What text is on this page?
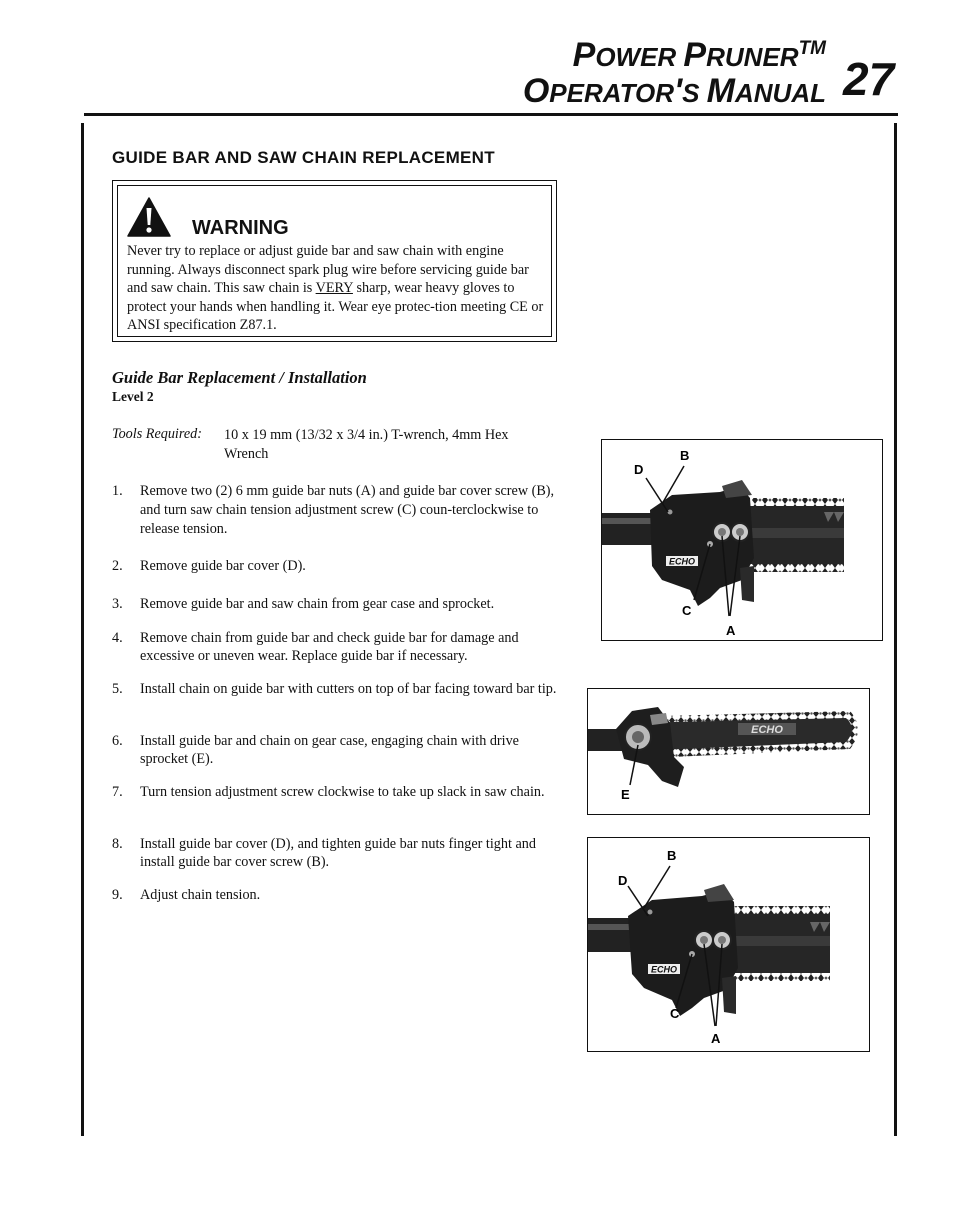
POWER PRUNER™
OPERATOR'S MANUAL 27
GUIDE BAR AND SAW CHAIN REPLACEMENT
WARNING
Never try to replace or adjust guide bar and saw chain with engine running. Always disconnect spark plug wire before servicing guide bar and saw chain. This saw chain is VERY sharp, wear heavy gloves to protect your hands when handling it. Wear eye protec-tion meeting CE or ANSI specification Z87.1.
Guide Bar Replacement / Installation
Level 2
Tools Required: 10 x 19 mm (13/32 x 3/4 in.) T-wrench, 4mm Hex Wrench
1. Remove two (2) 6 mm guide bar nuts (A) and guide bar cover screw (B), and turn saw chain tension adjustment screw (C) coun-terclockwise to release tension.
2. Remove guide bar cover (D).
3. Remove guide bar and saw chain from gear case and sprocket.
4. Remove chain from guide bar and check guide bar for damage and excessive or uneven wear. Replace guide bar if necessary.
5. Install chain on guide bar with cutters on top of bar facing toward bar tip.
6. Install guide bar and chain on gear case, engaging chain with drive sprocket (E).
7. Turn tension adjustment screw clockwise to take up slack in saw chain.
8. Install guide bar cover (D), and tighten guide bar nuts finger tight and install guide bar cover screw (B).
9. Adjust chain tension.
ECHO
D
B
C
A
ECHO
E
ECHO
D
B
C
A
